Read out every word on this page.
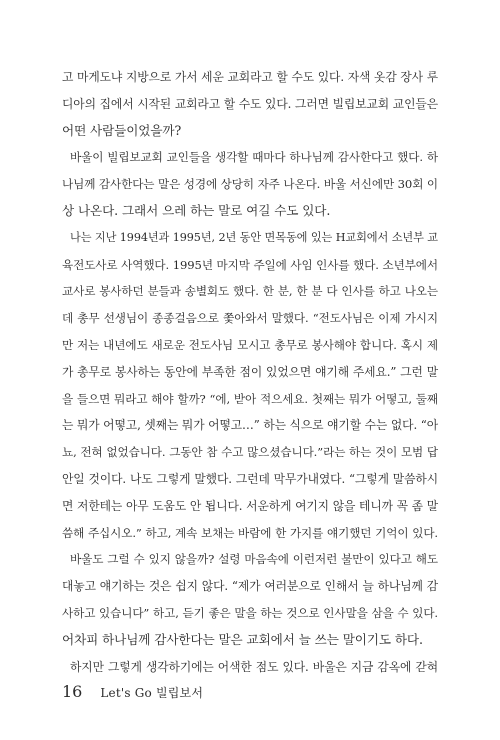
고 마게도냐 지방으로 가서 세운 교회라고 할 수도 있다. 자색 옷감 장사 루
디아의 집에서 시작된 교회라고 할 수도 있다. 그러면 빌립보교회 교인들은
어떤 사람들이었을까?
바울이 빌립보교회 교인들을 생각할 때마다 하나님께 감사한다고 했다. 하
나님께 감사한다는 말은 성경에 상당히 자주 나온다. 바울 서신에만 30회 이
상 나온다. 그래서 으레 하는 말로 여길 수도 있다.
나는 지난 1994년과 1995년, 2년 동안 면목동에 있는 H교회에서 소년부 교
육전도사로 사역했다. 1995년 마지막 주일에 사임 인사를 했다. 소년부에서
교사로 봉사하던 분들과 송별회도 했다. 한 분, 한 분 다 인사를 하고 나오는
데 총무 선생님이 종종걸음으로 쫓아와서 말했다. “전도사님은 이제 가시지
만 저는 내년에도 새로운 전도사님 모시고 총무로 봉사해야 합니다. 혹시 제
가 총무로 봉사하는 동안에 부족한 점이 있었으면 얘기해 주세요.” 그런 말
을 들으면 뭐라고 해야 할까? “에, 받아 적으세요. 첫째는 뭐가 어떻고, 둘째
는 뭐가 어떻고, 셋째는 뭐가 어떻고…” 하는 식으로 얘기할 수는 없다. “아
뇨, 전혀 없었습니다. 그동안 참 수고 많으셨습니다.”라는 하는 것이 모범 답
안일 것이다. 나도 그렇게 말했다. 그런데 막무가내였다. “그렇게 말씀하시
면 저한테는 아무 도움도 안 됩니다. 서운하게 여기지 않을 테니까 꼭 좀 말
씀해 주십시오.” 하고, 계속 보채는 바람에 한 가지를 얘기했던 기억이 있다.
바울도 그럴 수 있지 않을까? 설령 마음속에 이런저런 불만이 있다고 해도
대놓고 얘기하는 것은 쉽지 않다. “제가 여러분으로 인해서 늘 하나님께 감
사하고 있습니다” 하고, 듣기 좋은 말을 하는 것으로 인사말을 삼을 수 있다.
어차피 하나님께 감사한다는 말은 교회에서 늘 쓰는 말이기도 하다.
하지만 그렇게 생각하기에는 어색한 점도 있다. 바울은 지금 감옥에 갇혀
16 Let's Go 빌립보서
